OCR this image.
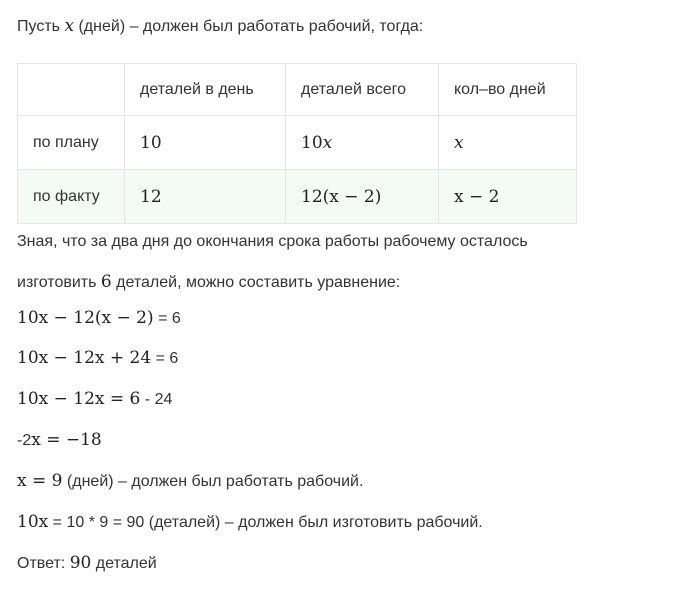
Пусть x (дней) – должен был работать рабочий, тогда:
	деталей в день	деталей всего	кол–во дней
по плану	10	10x	x
по факту	12	12(x − 2)	x − 2
Зная, что за два дня до окончания срока работы рабочему осталось
изготовить 6 деталей, можно составить уравнение:
10x − 12(x − 2) = 6
10x − 12x + 24 = 6
10x − 12x = 6 - 24
-2x = −18
x = 9 (дней) – должен был работать рабочий.
10x = 10 * 9 = 90 (деталей) – должен был изготовить рабочий.
Ответ: 90 деталей
